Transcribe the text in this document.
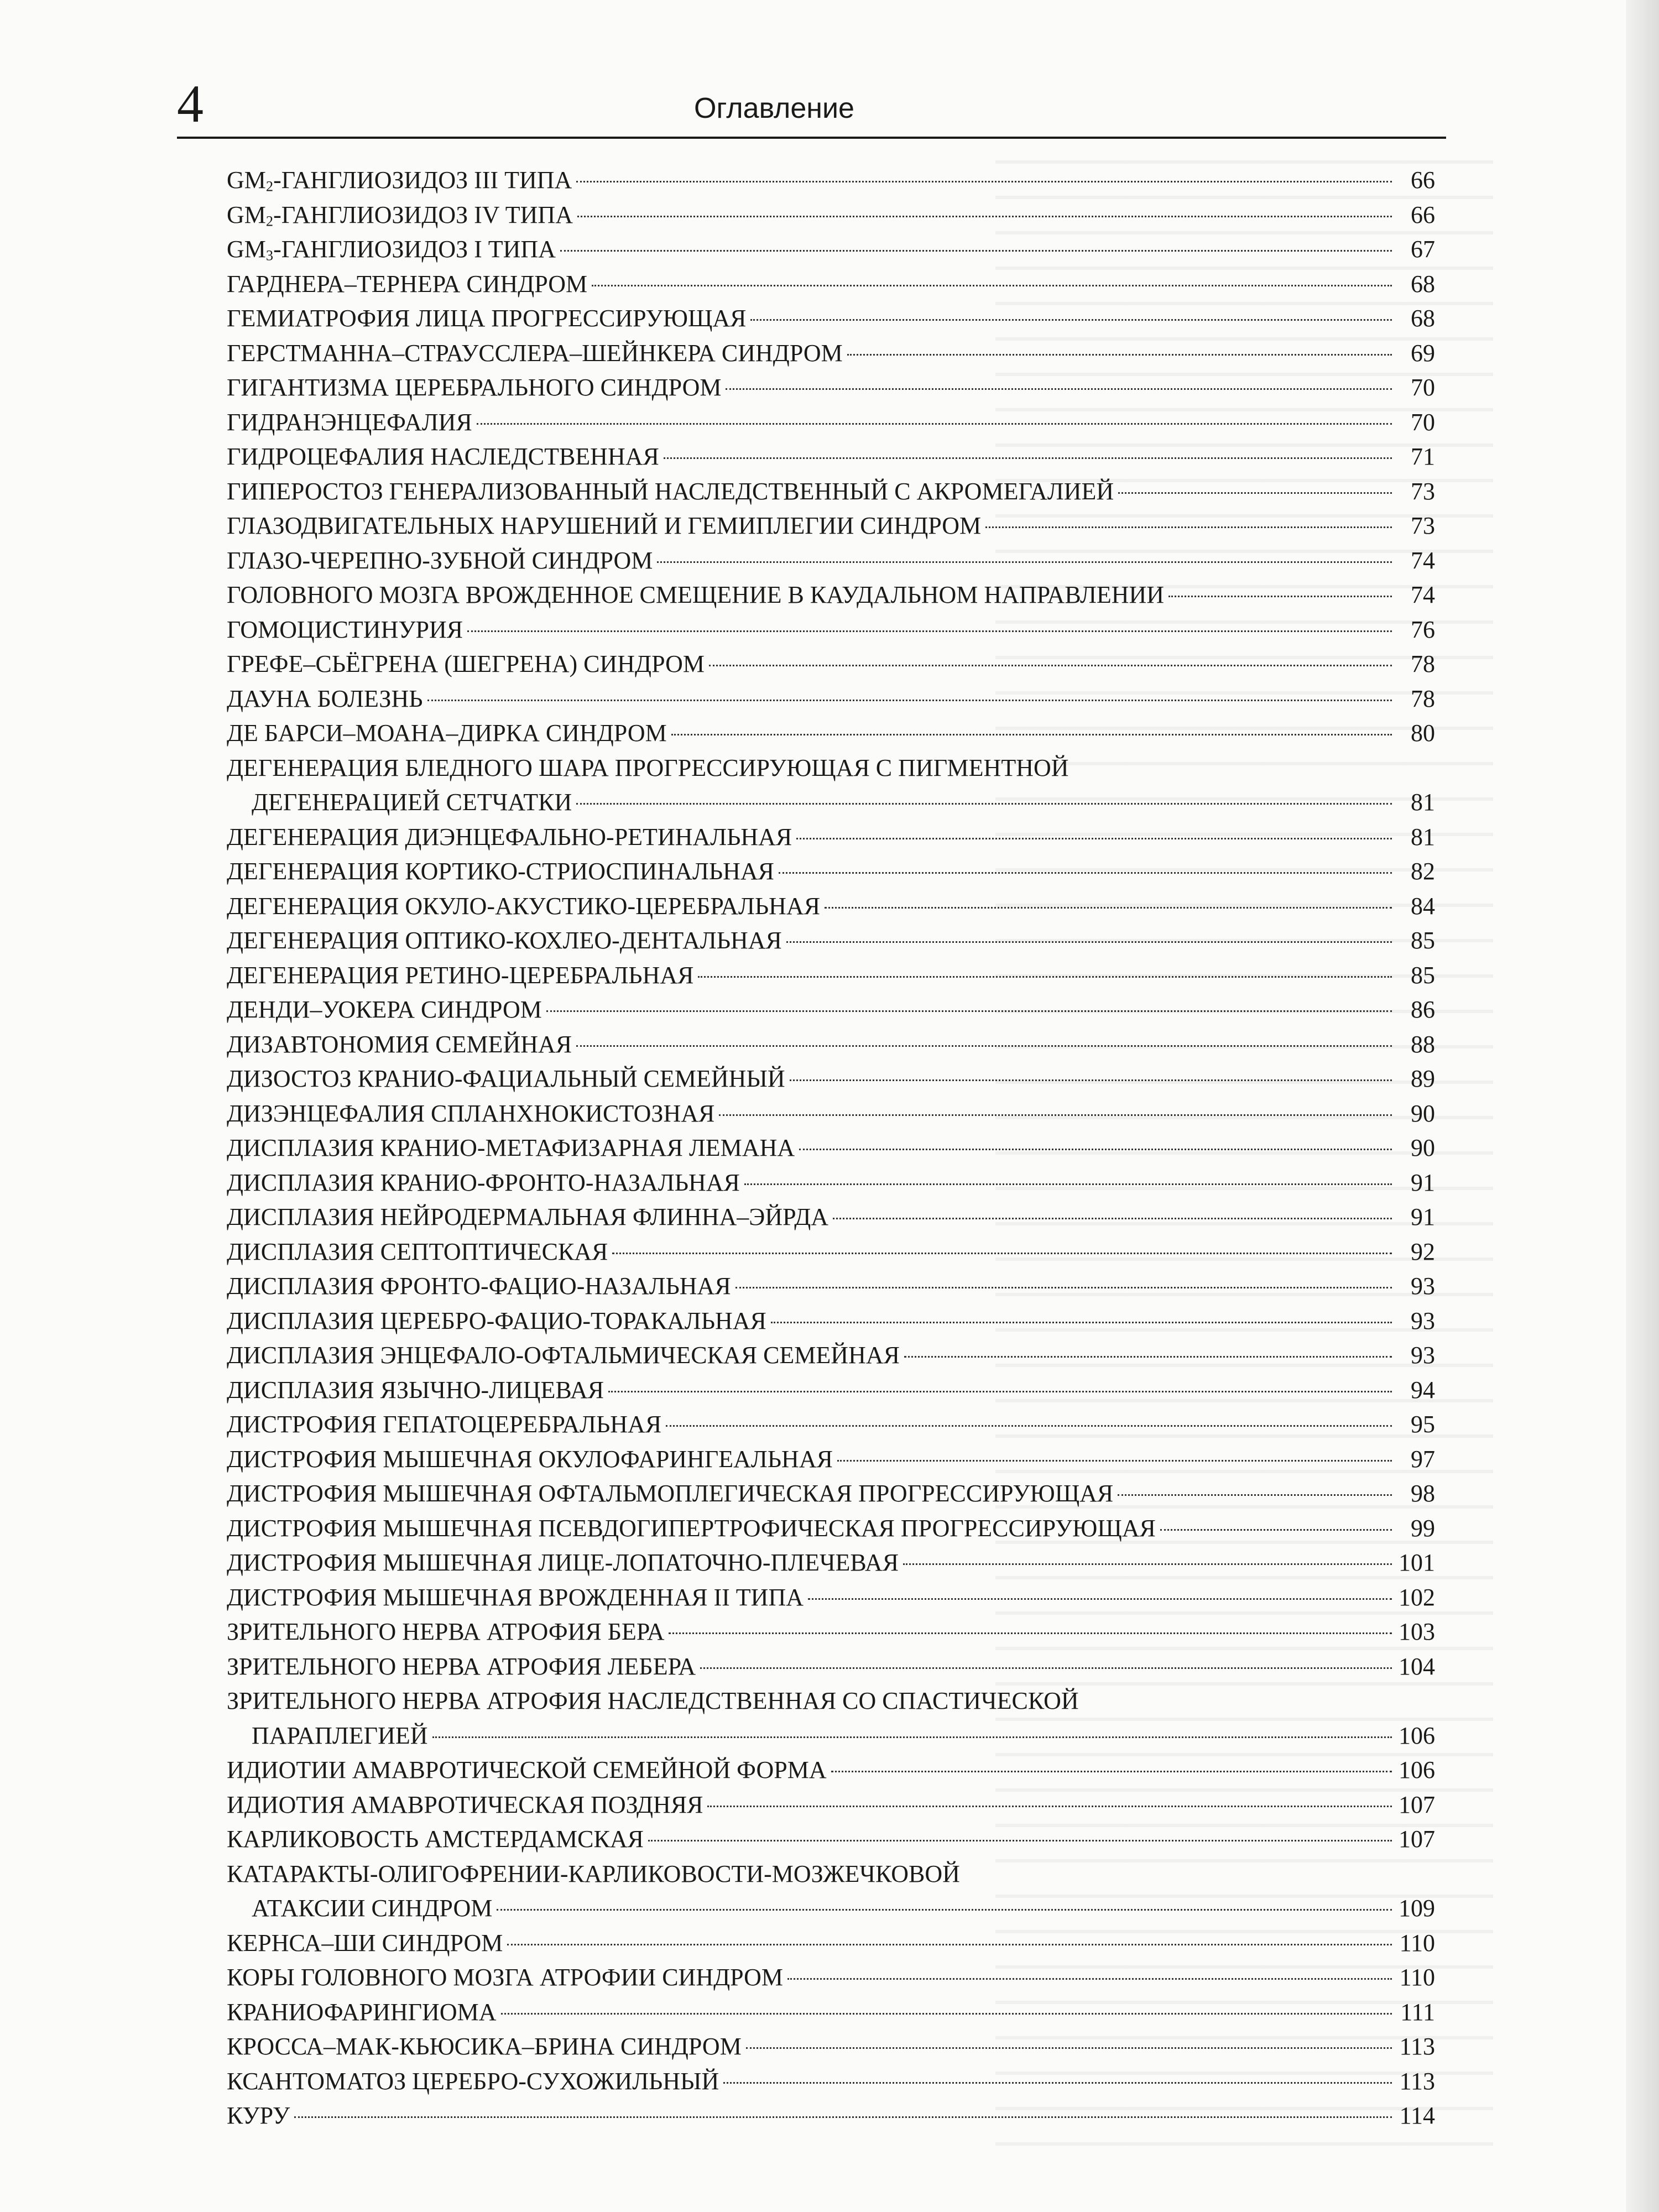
4	Оглавление
$GM_2$-ГАНГЛИОЗИДОЗ III ТИПА	66
$GM_2$-ГАНГЛИОЗИДОЗ IV ТИПА	66
$GM_3$-ГАНГЛИОЗИДОЗ I ТИПА	67
ГАРДНЕРА–ТЕРНЕРА СИНДРОМ	68
ГЕМИАТРОФИЯ ЛИЦА ПРОГРЕССИРУЮЩАЯ	68
ГЕРСТМАННА–СТРАУССЛЕРА–ШЕЙНКЕРА СИНДРОМ	69
ГИГАНТИЗМА ЦЕРЕБРАЛЬНОГО СИНДРОМ	70
ГИДРАНЭНЦЕФАЛИЯ	70
ГИДРОЦЕФАЛИЯ НАСЛЕДСТВЕННАЯ	71
ГИПЕРОСТОЗ ГЕНЕРАЛИЗОВАННЫЙ НАСЛЕДСТВЕННЫЙ С АКРОМЕГАЛИЕЙ	73
ГЛАЗОДВИГАТЕЛЬНЫХ НАРУШЕНИЙ И ГЕМИПЛЕГИИ СИНДРОМ	73
ГЛАЗО-ЧЕРЕПНО-ЗУБНОЙ СИНДРОМ	74
ГОЛОВНОГО МОЗГА ВРОЖДЕННОЕ СМЕЩЕНИЕ В КАУДАЛЬНОМ НАПРАВЛЕНИИ	74
ГОМОЦИСТИНУРИЯ	76
ГРЕФЕ–СЬЁГРЕНА (ШЕГРЕНА) СИНДРОМ	78
ДАУНА БОЛЕЗНЬ	78
ДЕ БАРСИ–МОАНА–ДИРКА СИНДРОМ	80
ДЕГЕНЕРАЦИЯ БЛЕДНОГО ШАРА ПРОГРЕССИРУЮЩАЯ С ПИГМЕНТНОЙ
ДЕГЕНЕРАЦИЕЙ СЕТЧАТКИ	81
ДЕГЕНЕРАЦИЯ ДИЭНЦЕФАЛЬНО-РЕТИНАЛЬНАЯ	81
ДЕГЕНЕРАЦИЯ КОРТИКО-СТРИОСПИНАЛЬНАЯ	82
ДЕГЕНЕРАЦИЯ ОКУЛО-АКУСТИКО-ЦЕРЕБРАЛЬНАЯ	84
ДЕГЕНЕРАЦИЯ ОПТИКО-КОХЛЕО-ДЕНТАЛЬНАЯ	85
ДЕГЕНЕРАЦИЯ РЕТИНО-ЦЕРЕБРАЛЬНАЯ	85
ДЕНДИ–УОКЕРА СИНДРОМ	86
ДИЗАВТОНОМИЯ СЕМЕЙНАЯ	88
ДИЗОСТОЗ КРАНИО-ФАЦИАЛЬНЫЙ СЕМЕЙНЫЙ	89
ДИЗЭНЦЕФАЛИЯ СПЛАНХНОКИСТОЗНАЯ	90
ДИСПЛАЗИЯ КРАНИО-МЕТАФИЗАРНАЯ ЛЕМАНА	90
ДИСПЛАЗИЯ КРАНИО-ФРОНТО-НАЗАЛЬНАЯ	91
ДИСПЛАЗИЯ НЕЙРОДЕРМАЛЬНАЯ ФЛИННА–ЭЙРДА	91
ДИСПЛАЗИЯ СЕПТОПТИЧЕСКАЯ	92
ДИСПЛАЗИЯ ФРОНТО-ФАЦИО-НАЗАЛЬНАЯ	93
ДИСПЛАЗИЯ ЦЕРЕБРО-ФАЦИО-ТОРАКАЛЬНАЯ	93
ДИСПЛАЗИЯ ЭНЦЕФАЛО-ОФТАЛЬМИЧЕСКАЯ СЕМЕЙНАЯ	93
ДИСПЛАЗИЯ ЯЗЫЧНО-ЛИЦЕВАЯ	94
ДИСТРОФИЯ ГЕПАТОЦЕРЕБРАЛЬНАЯ	95
ДИСТРОФИЯ МЫШЕЧНАЯ ОКУЛОФАРИНГЕАЛЬНАЯ	97
ДИСТРОФИЯ МЫШЕЧНАЯ ОФТАЛЬМОПЛЕГИЧЕСКАЯ ПРОГРЕССИРУЮЩАЯ	98
ДИСТРОФИЯ МЫШЕЧНАЯ ПСЕВДОГИПЕРТРОФИЧЕСКАЯ ПРОГРЕССИРУЮЩАЯ	99
ДИСТРОФИЯ МЫШЕЧНАЯ ЛИЦЕ-ЛОПАТОЧНО-ПЛЕЧЕВАЯ	101
ДИСТРОФИЯ МЫШЕЧНАЯ ВРОЖДЕННАЯ II ТИПА	102
ЗРИТЕЛЬНОГО НЕРВА АТРОФИЯ БЕРА	103
ЗРИТЕЛЬНОГО НЕРВА АТРОФИЯ ЛЕБЕРА	104
ЗРИТЕЛЬНОГО НЕРВА АТРОФИЯ НАСЛЕДСТВЕННАЯ СО СПАСТИЧЕСКОЙ
ПАРАПЛЕГИЕЙ	106
ИДИОТИИ АМАВРОТИЧЕСКОЙ СЕМЕЙНОЙ ФОРМА	106
ИДИОТИЯ АМАВРОТИЧЕСКАЯ ПОЗДНЯЯ	107
КАРЛИКОВОСТЬ АМСТЕРДАМСКАЯ	107
КАТАРАКТЫ-ОЛИГОФРЕНИИ-КАРЛИКОВОСТИ-МОЗЖЕЧКОВОЙ
АТАКСИИ СИНДРОМ	109
КЕРНСА–ШИ СИНДРОМ	110
КОРЫ ГОЛОВНОГО МОЗГА АТРОФИИ СИНДРОМ	110
КРАНИОФАРИНГИОМА	111
КРОССА–МАК-КЬЮСИКА–БРИНА СИНДРОМ	113
КСАНТОМАТОЗ ЦЕРЕБРО-СУХОЖИЛЬНЫЙ	113
КУРУ	114
